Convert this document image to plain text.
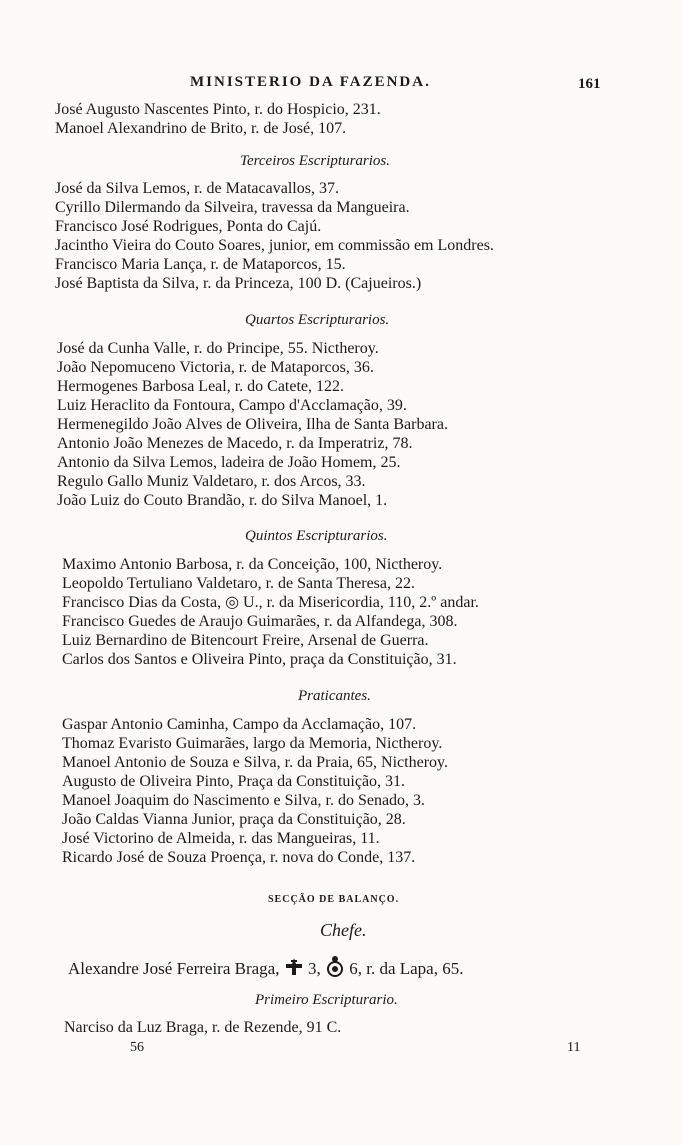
MINISTERIO DA FAZENDA.	161
José Augusto Nascentes Pinto, r. do Hospicio, 231.
Manoel Alexandrino de Brito, r. de José, 107.
Terceiros Escripturarios.
José da Silva Lemos, r. de Matacavallos, 37.
Cyrillo Dilermando da Silveira, travessa da Mangueira.
Francisco José Rodrigues, Ponta do Cajú.
Jacintho Vieira do Couto Soares, junior, em commissão em Londres.
Francisco Maria Lança, r. de Mataporcos, 15.
José Baptista da Silva, r. da Princeza, 100 D. (Cajueiros.)
Quartos Escripturarios.
José da Cunha Valle, r. do Principe, 55. Nictheroy.
João Nepomuceno Victoria, r. de Mataporcos, 36.
Hermogenes Barbosa Leal, r. do Catete, 122.
Luiz Heraclito da Fontoura, Campo d'Acclamação, 39.
Hermenegildo João Alves de Oliveira, Ilha de Santa Barbara.
Antonio João Menezes de Macedo, r. da Imperatriz, 78.
Antonio da Silva Lemos, ladeira de João Homem, 25.
Regulo Gallo Muniz Valdetaro, r. dos Arcos, 33.
João Luiz do Couto Brandão, r. do Silva Manoel, 1.
Quintos Escripturarios.
Maximo Antonio Barbosa, r. da Conceição, 100, Nictheroy.
Leopoldo Tertuliano Valdetaro, r. de Santa Theresa, 22.
Francisco Dias da Costa, ◎ U., r. da Misericordia, 110, 2.º andar.
Francisco Guedes de Araujo Guimarães, r. da Alfandega, 308.
Luiz Bernardino de Bitencourt Freire, Arsenal de Guerra.
Carlos dos Santos e Oliveira Pinto, praça da Constituição, 31.
Praticantes.
Gaspar Antonio Caminha, Campo da Acclamação, 107.
Thomaz Evaristo Guimarães, largo da Memoria, Nictheroy.
Manoel Antonio de Souza e Silva, r. da Praia, 65, Nictheroy.
Augusto de Oliveira Pinto, Praça da Constituição, 31.
Manoel Joaquim do Nascimento e Silva, r. do Senado, 3.
João Caldas Vianna Junior, praça da Constituição, 28.
José Victorino de Almeida, r. das Mangueiras, 11.
Ricardo José de Souza Proença, r. nova do Conde, 137.
SECÇÃO DE BALANÇO.
Chefe.
Alexandre José Ferreira Braga, 3, 6, r. da Lapa, 65.
Primeiro Escripturario.
Narciso da Luz Braga, r. de Rezende, 91 C.
56	11
